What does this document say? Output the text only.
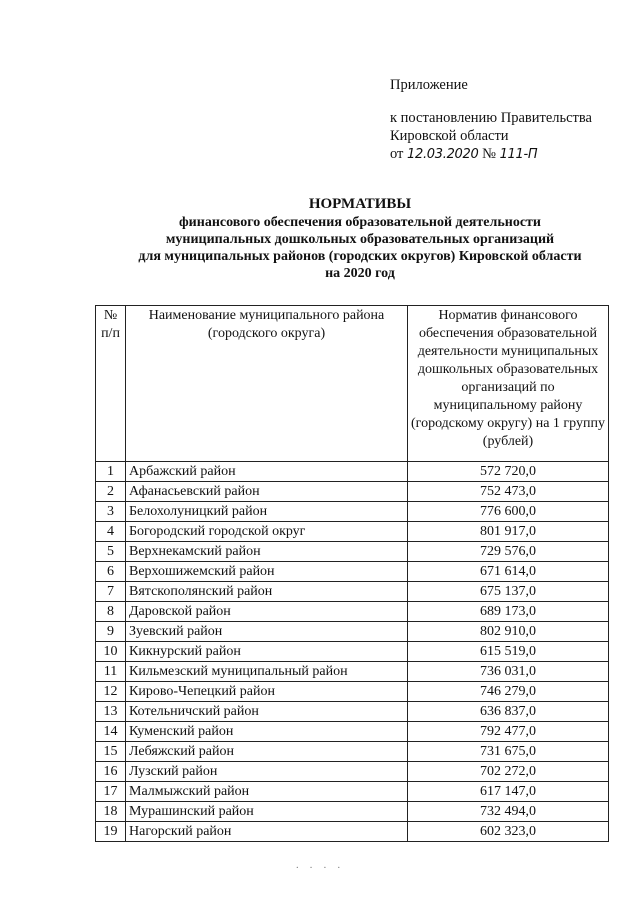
Приложение
к постановлению Правительства
Кировской области
от 12.03.2020 № 111-П
НОРМАТИВЫ
финансового обеспечения образовательной деятельности
муниципальных дошкольных образовательных организаций
для муниципальных районов (городских округов) Кировской области
на 2020 год
№ п/п	Наименование муниципального района (городского округа)	Норматив финансового обеспечения образовательной деятельности муниципальных дошкольных образовательных организаций по муниципальному району (городскому округу) на 1 группу (рублей)
1	Арбажский район	572 720,0
2	Афанасьевский район	752 473,0
3	Белохолуницкий район	776 600,0
4	Богородский городской округ	801 917,0
5	Верхнекамский район	729 576,0
6	Верхошижемский район	671 614,0
7	Вятскополянский район	675 137,0
8	Даровской район	689 173,0
9	Зуевский район	802 910,0
10	Кикнурский район	615 519,0
11	Кильмезский муниципальный район	736 031,0
12	Кирово-Чепецкий район	746 279,0
13	Котельничский район	636 837,0
14	Куменский район	792 477,0
15	Лебяжский район	731 675,0
16	Лузский район	702 272,0
17	Малмыжский район	617 147,0
18	Мурашинский район	732 494,0
19	Нагорский район	602 323,0
· · · ·
